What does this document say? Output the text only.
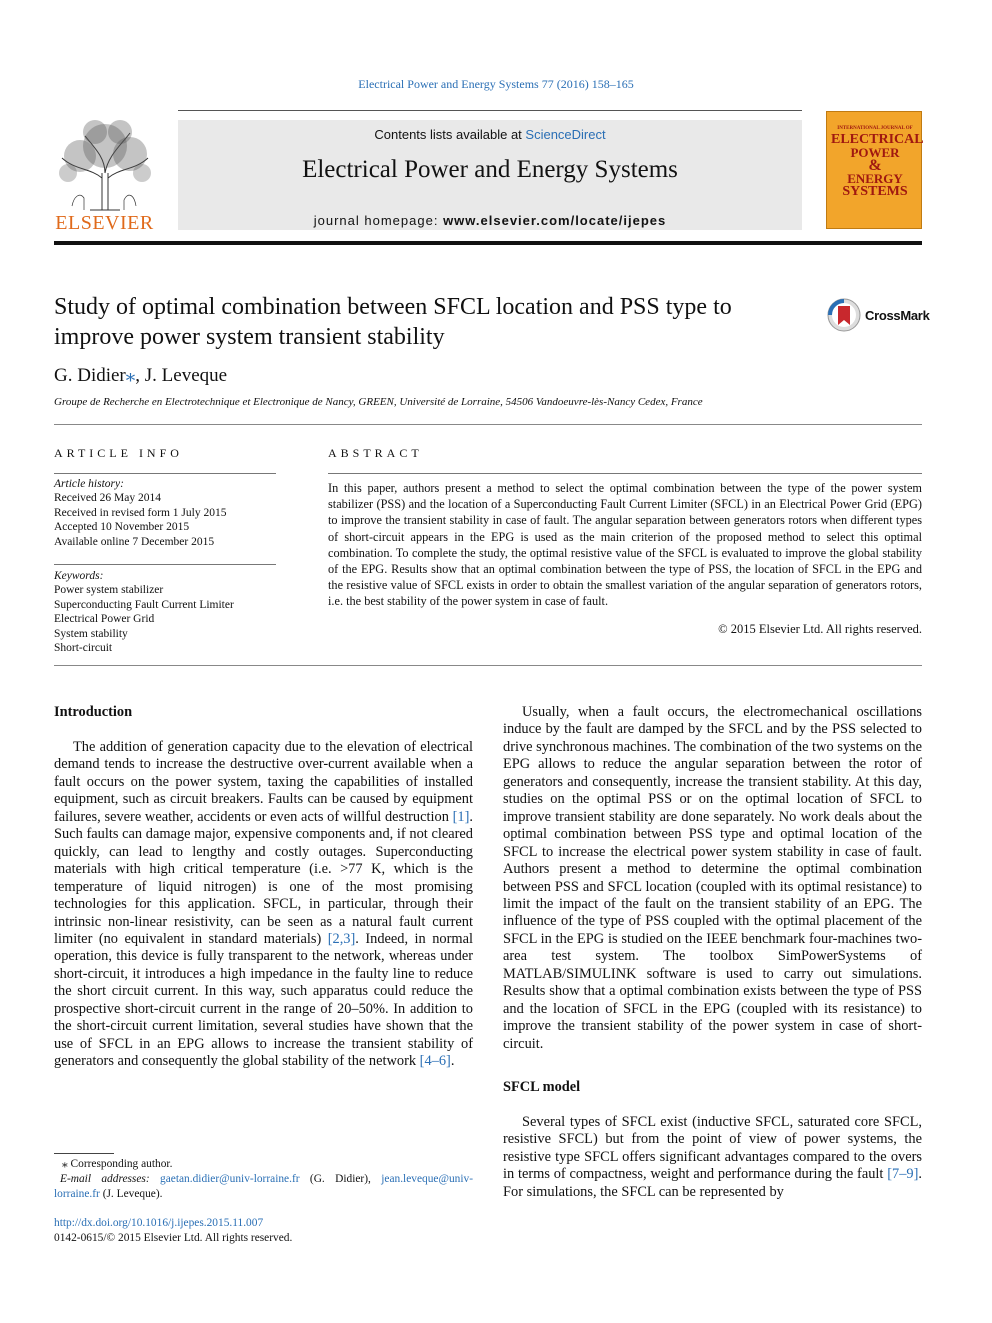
Electrical Power and Energy Systems 77 (2016) 158–165
ELSEVIER
Contents lists available at ScienceDirect
Electrical Power and Energy Systems
journal homepage: www.elsevier.com/locate/ijepes
INTERNATIONAL JOURNAL OF
ELECTRICAL
POWER
&
ENERGY
SYSTEMS
Study of optimal combination between SFCL location and PSS type to improve power system transient stability
CrossMark
G. Didier⁎, J. Leveque
Groupe de Recherche en Electrotechnique et Electronique de Nancy, GREEN, Université de Lorraine, 54506 Vandoeuvre-lès-Nancy Cedex, France
ARTICLE INFO
Article history:
Received 26 May 2014
Received in revised form 1 July 2015
Accepted 10 November 2015
Available online 7 December 2015
Keywords:
Power system stabilizer
Superconducting Fault Current Limiter
Electrical Power Grid
System stability
Short-circuit
ABSTRACT
In this paper, authors present a method to select the optimal combination between the type of the power system stabilizer (PSS) and the location of a Superconducting Fault Current Limiter (SFCL) in an Electrical Power Grid (EPG) to improve the transient stability in case of fault. The angular separation between generators rotors when different types of short-circuit appears in the EPG is used as the main criterion of the proposed method to select this optimal combination. To complete the study, the optimal resistive value of the SFCL is evaluated to improve the global stability of the EPG. Results show that an optimal combination between the type of PSS, the location of SFCL in the EPG and the resistive value of SFCL exists in order to obtain the smallest variation of the angular separation of generators rotors, i.e. the best stability of the power system in case of fault.
© 2015 Elsevier Ltd. All rights reserved.
Introduction

The addition of generation capacity due to the elevation of electrical demand tends to increase the destructive over-current available when a fault occurs on the power system, taxing the capabilities of installed equipment, such as circuit breakers. Faults can be caused by equipment failures, severe weather, accidents or even acts of willful destruction [1]. Such faults can damage major, expensive components and, if not cleared quickly, can lead to lengthy and costly outages. Superconducting materials with high critical temperature (i.e. >77 K, which is the temperature of liquid nitrogen) is one of the most promising technologies for this application. SFCL, in particular, through their intrinsic non-linear resistivity, can be seen as a natural fault current limiter (no equivalent in standard materials) [2,3]. Indeed, in normal operation, this device is fully transparent to the network, whereas under short-circuit, it introduces a high impedance in the faulty line to reduce the short circuit current. In this way, such apparatus could reduce the prospective short-circuit current in the range of 20–50%. In addition to the short-circuit current limitation, several studies have shown that the use of SFCL in an EPG allows to increase the transient stability of generators and consequently the global stability of the network [4–6].

Usually, when a fault occurs, the electromechanical oscillations induce by the fault are damped by the SFCL and by the PSS selected to drive synchronous machines. The combination of the two systems on the EPG allows to reduce the angular separation between the rotor of generators and consequently, increase the transient stability. At this day, studies on the optimal PSS or on the optimal location of SFCL to improve transient stability are done separately. No work deals about the optimal combination between PSS type and optimal location of the SFCL to increase the electrical power system stability in case of fault. Authors present a method to determine the optimal combination between PSS and SFCL location (coupled with its optimal resistance) to limit the impact of the fault on the transient stability of an EPG. The influence of the type of PSS coupled with the optimal placement of the SFCL in the EPG is studied on the IEEE benchmark four-machines two-area test system. The toolbox SimPowerSystems of MATLAB/SIMULINK software is used to carry out simulations. Results show that a optimal combination exists between the type of PSS and the location of SFCL in the EPG (coupled with its resistance) to improve the transient stability of the power system in case of short-circuit.

SFCL model

Several types of SFCL exist (inductive SFCL, saturated core SFCL, resistive SFCL) but from the point of view of power systems, the resistive type SFCL offers significant advantages compared to the overs in terms of compactness, weight and performance during the fault [7–9]. For simulations, the SFCL can be represented by

⁎ Corresponding author.
E-mail addresses: gaetan.didier@univ-lorraine.fr (G. Didier), jean.leveque@univ-lorraine.fr (J. Leveque).
http://dx.doi.org/10.1016/j.ijepes.2015.11.007
0142-0615/© 2015 Elsevier Ltd. All rights reserved.
